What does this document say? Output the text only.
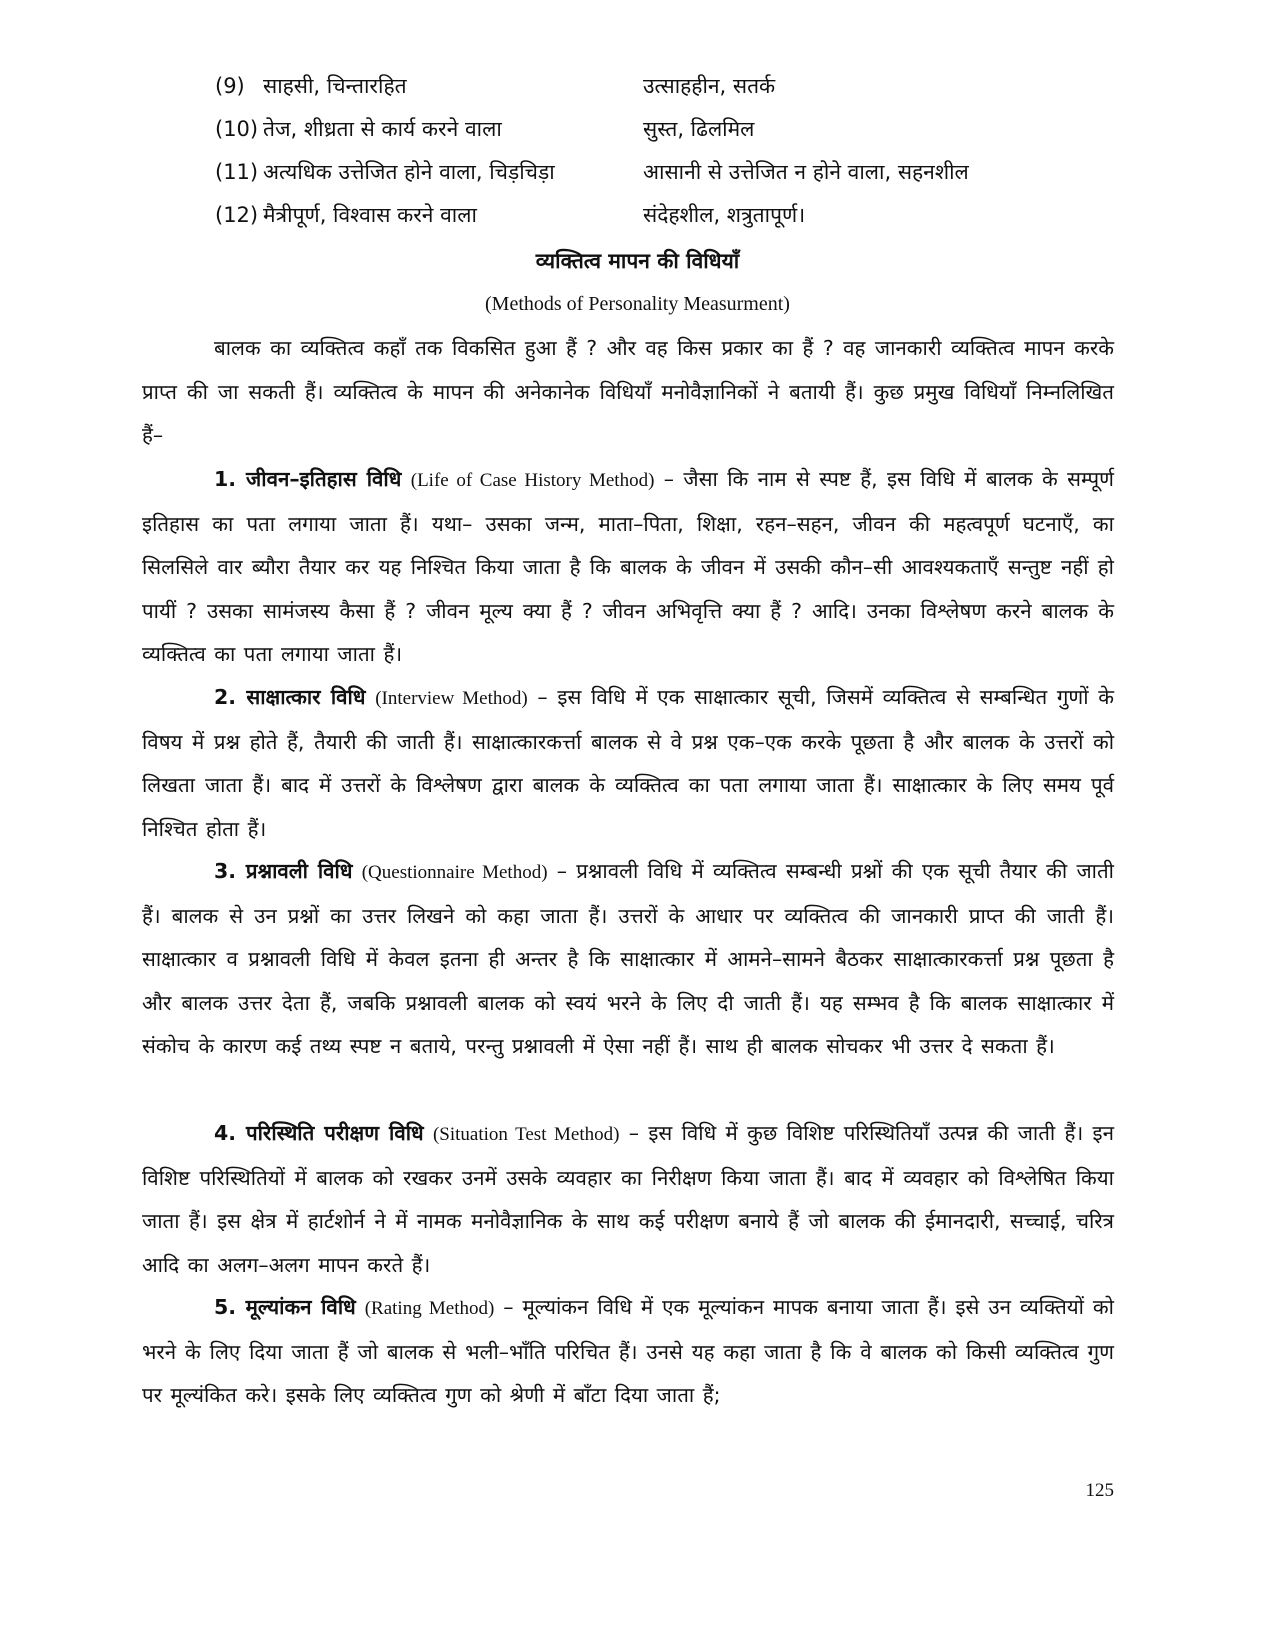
(9) साहसी, चिन्तारहित	उत्साहहीन, सतर्क
(10) तेज, शीध्रता से कार्य करने वाला	सुस्त, ढिलमिल
(11) अत्यधिक उत्तेजित होने वाला, चिड़चिड़ा	आसानी से उत्तेजित न होने वाला, सहनशील
(12)मैत्रीपूर्ण, विश्वास करने वाला	संदेहशील, शत्रुतापूर्ण।
व्यक्तित्व मापन की विधियाँ
(Methods of Personality Measurment)

बालक का व्यक्तित्व कहाँ तक विकसित हुआ हैं ? और वह किस प्रकार का हैं ? वह जानकारी व्यक्तित्व मापन करके प्राप्त की जा सकती हैं। व्यक्तित्व के मापन की अनेकानेक विधियाँ मनोवैज्ञानिकों ने बतायी हैं। कुछ प्रमुख विधियाँ निम्नलिखित हैं–

1. जीवन–इतिहास विधि (Life of Case History Method) – जैसा कि नाम से स्पष्ट हैं, इस विधि में बालक के सम्पूर्ण इतिहास का पता लगाया जाता हैं। यथा– उसका जन्म, माता–पिता, शिक्षा, रहन–सहन, जीवन की महत्वपूर्ण घटनाएँ, का सिलसिले वार ब्यौरा तैयार कर यह निश्चित किया जाता है कि बालक के जीवन में उसकी कौन–सी आवश्यकताएँ सन्तुष्ट नहीं हो पायीं ? उसका सामंजस्य कैसा हैं ? जीवन मूल्य क्या हैं ? जीवन अभिवृत्ति क्या हैं ? आदि। उनका विश्लेषण करने बालक के व्यक्तित्व का पता लगाया जाता हैं।

2. साक्षात्कार विधि (Interview Method) – इस विधि में एक साक्षात्कार सूची, जिसमें व्यक्तित्व से सम्बन्धित गुणों के विषय में प्रश्न होते हैं, तैयारी की जाती हैं। साक्षात्कारकर्त्ता बालक से वे प्रश्न एक–एक करके पूछता है और बालक के उत्तरों को लिखता जाता हैं। बाद में उत्तरों के विश्लेषण द्वारा बालक के व्यक्तित्व का पता लगाया जाता हैं। साक्षात्कार के लिए समय पूर्व निश्चित होता हैं।

3. प्रश्नावली विधि (Questionnaire Method) – प्रश्नावली विधि में व्यक्तित्व सम्बन्धी प्रश्नों की एक सूची तैयार की जाती हैं। बालक से उन प्रश्नों का उत्तर लिखने को कहा जाता हैं। उत्तरों के आधार पर व्यक्तित्व की जानकारी प्राप्त की जाती हैं। साक्षात्कार व प्रश्नावली विधि में केवल इतना ही अन्तर है कि साक्षात्कार में आमने–सामने बैठकर साक्षात्कारकर्त्ता प्रश्न पूछता है और बालक उत्तर देता हैं, जबकि प्रश्नावली बालक को स्वयं भरने के लिए दी जाती हैं। यह सम्भव है कि बालक साक्षात्कार में संकोच के कारण कई तथ्य स्पष्ट न बताये, परन्तु प्रश्नावली में ऐसा नहीं हैं। साथ ही बालक सोचकर भी उत्तर दे सकता हैं।

4. परिस्थिति परीक्षण विधि (Situation Test Method) – इस विधि में कुछ विशिष्ट परिस्थितियाँ उत्पन्न की जाती हैं। इन विशिष्ट परिस्थितियों में बालक को रखकर उनमें उसके व्यवहार का निरीक्षण किया जाता हैं। बाद में व्यवहार को विश्लेषित किया जाता हैं। इस क्षेत्र में हार्टशोर्न ने में नामक मनोवैज्ञानिक के साथ कई परीक्षण बनाये हैं जो बालक की ईमानदारी, सच्चाई, चरित्र आदि का अलग–अलग मापन करते हैं।

5. मूल्यांकन विधि (Rating Method) – मूल्यांकन विधि में एक मूल्यांकन मापक बनाया जाता हैं। इसे उन व्यक्तियों को भरने के लिए दिया जाता हैं जो बालक से भली–भाँति परिचित हैं। उनसे यह कहा जाता है कि वे बालक को किसी व्यक्तित्व गुण पर मूल्यंकित करे। इसके लिए व्यक्तित्व गुण को श्रेणी में बाँटा दिया जाता हैं;

125
